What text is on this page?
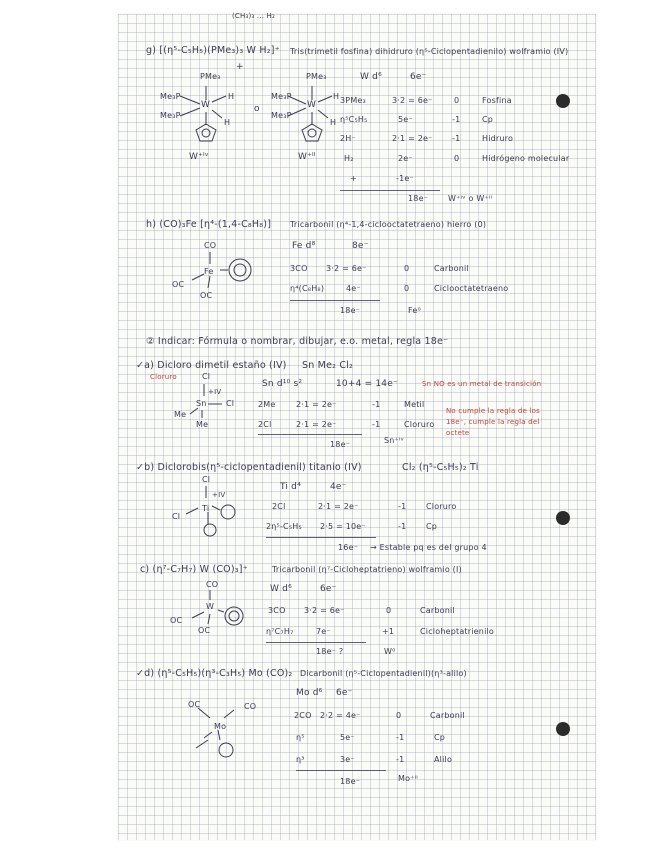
(CH₃)₃ ... H₂
g) [(η⁵-C₅H₅)(PMe₃)₃ W H₂]⁺ Tris(trimetil fosfina) dihidruro (η⁵-Ciclopentadienilo) wolframio (IV)
PMe₃
Me₃P
Me₃P
W
H
H
+
W⁺ᴵᵛ
o
PMe₃
Me₃P
Me₃P
W
H
H
W⁺ᴵᴵ
W d⁶	6e⁻
3PMe₃	3·2 = 6e⁻	0	Fosfina
η⁵C₅H₅	5e⁻	-1	Cp
2H⁻	2·1 = 2e⁻ -1	Hidruro
H₂	2e⁻	0	Hidrógeno molecular
+	-1e⁻
18e⁻ W⁺ᴵᵛ o W⁺ᴵᴵ
h) (CO)₃Fe [η⁴-(1,4-C₈H₈)] Tricarbonil (η⁴-1,4-ciclooctatetraeno) hierro (0)
CO
Fe
OC
OC
Fe d⁸	8e⁻
3CO 3·2 = 6e⁻	0	Carbonil
η⁴(C₈H₈)	4e⁻	0	Ciclooctatetraeno
18e⁻	Fe⁰
② Indicar: Fórmula o nombrar, dibujar, e.o. metal, regla 18e⁻
✓a) Dicloro dimetil estaño (IV) Sn Me₂ Cl₂
Cloruro	Cl
Sn Cl
Me
Me
+IV
Sn d¹⁰ s²	10+4 = 14e⁻
2Me	2·1 = 2e⁻	-1	Metil
2Cl	2·1 = 2e⁻	-1	Cloruro
18e⁻	Sn⁺ᴵᵛ
Sn NO es un metal de transición
No cumple la regla de los 18e⁻, cumple la regla del octete
✓b) Diclorobis(η⁵-ciclopentadienil) titanio (IV)	Cl₂ (η⁵-C₅H₅)₂ Ti
Cl
Ti
Cl
+IV
Ti d⁴	4e⁻
2Cl	2·1 = 2e⁻	-1 Cloruro
2η⁵-C₅H₅ 2·5 = 10e⁻	-1 Cp
16e⁻ → Estable pq es del grupo 4
c) (η⁷-C₇H₇) W (CO)₃]⁺	Tricarbonil (η⁷-Cicloheptatrieno) wolframio (I)
CO
W
OC
OC
W d⁶	6e⁻
3CO 3·2 = 6e⁻	0	Carbonil
η⁷C₇H₇	7e⁻	+1	Cicloheptatrienilo
18e⁻ ?	W⁰
✓d) (η⁵-C₅H₅)(η³-C₃H₅) Mo (CO)₂ Dicarbonil (η⁵-Ciclopentadienil)(η³-alilo)
OC	CO
Mo
Mo d⁶ 6e⁻
2CO 2·2 = 4e⁻	0	Carbonil
η⁵	5e⁻	-1	Cp
η³	3e⁻	-1	Alilo
18e⁻	Mo⁺ᴵᴵ
